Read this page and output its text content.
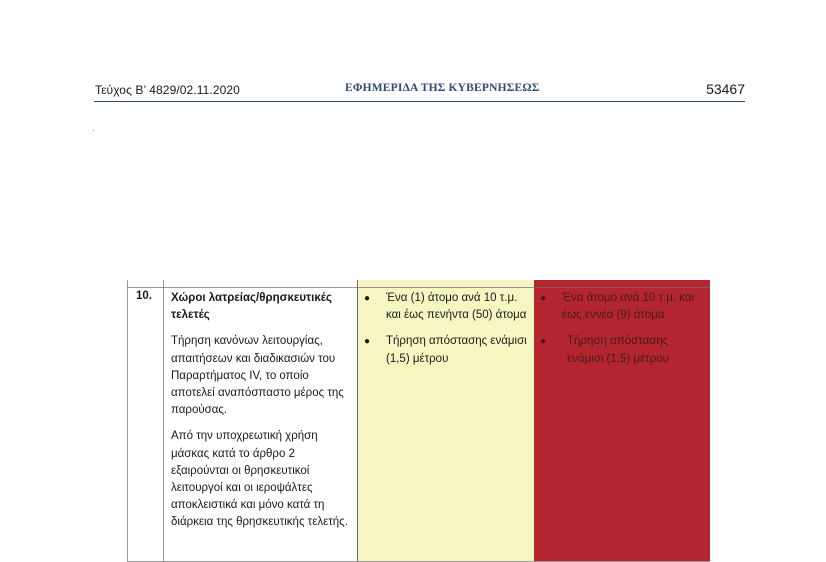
Τεύχος Β’ 4829/02.11.2020	ΕΦΗΜΕΡΙΔΑ ΤΗΣ ΚΥΒΕΡΝΗΣΕΩΣ	53467
10. Χώροι λατρείας/θρησκευτικές τελετές

Τήρηση κανόνων λειτουργίας, απαιτήσεων και διαδικασιών του Παραρτήματος IV, το οποίο αποτελεί αναπόσπαστο μέρος της παρούσας.

Από την υποχρεωτική χρήση μάσκας κατά το άρθρο 2 εξαιρούνται οι θρησκευτικοί λειτουργοί και οι ιεροψάλτες αποκλειστικά και μόνο κατά τη διάρκεια της θρησκευτικής τελετής.

● Ένα (1) άτομο ανά 10 τ.μ. και έως πενήντα (50) άτομα
● Τήρηση απόστασης ενάμισι (1,5) μέτρου
● Ένα άτομο ανά 10 τ.μ. και έως εννέα (9) άτομα
● Τήρηση απόστασης ενάμισι (1,5) μέτρου
